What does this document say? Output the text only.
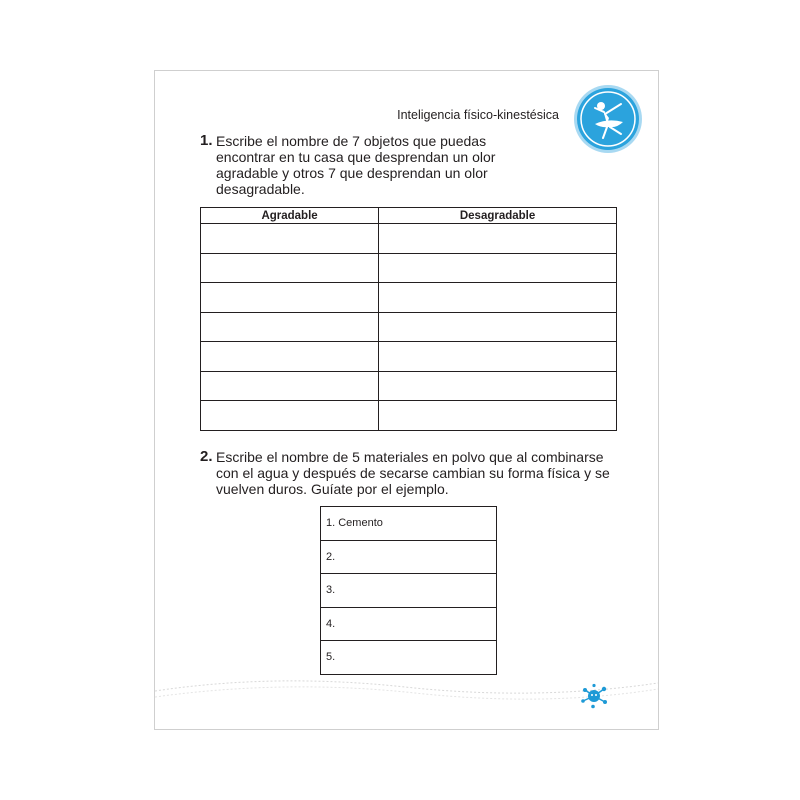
Inteligencia físico-kinestésica
1. Escribe el nombre de 7 objetos que puedas encontrar en tu casa que desprendan un olor agradable y otros 7 que desprendan un olor desagradable.
Agradable	Desagradable

2. Escribe el nombre de 5 materiales en polvo que al combinarse con el agua y después de secarse cambian su forma física y se vuelven duros. Guíate por el ejemplo.
1. Cemento
2.
3.
4.
5.
